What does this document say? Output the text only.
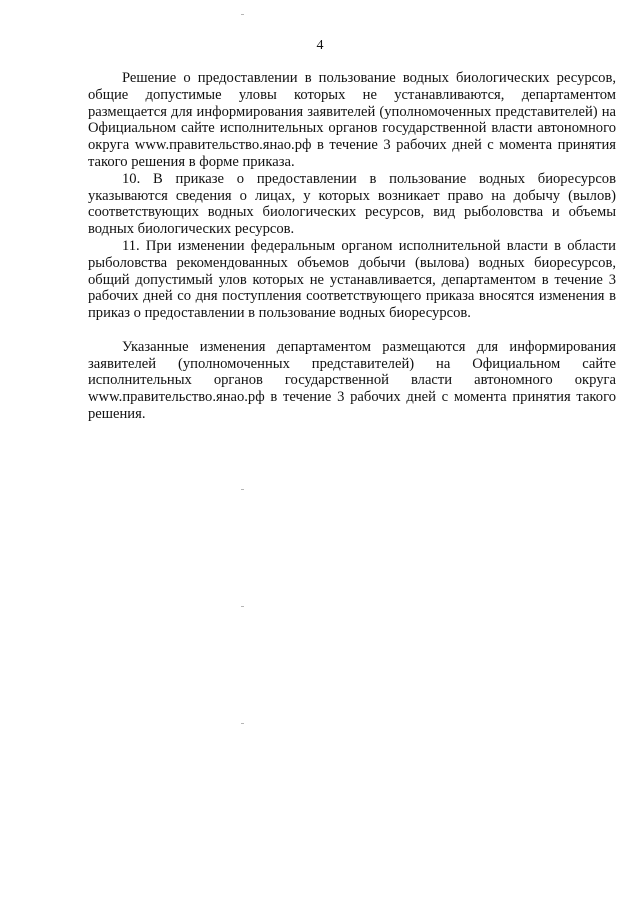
4

Решение о предоставлении в пользование водных биологических ресурсов, общие допустимые уловы которых не устанавливаются, департаментом размещается для информирования заявителей (уполномоченных представителей) на Официальном сайте исполнительных органов государственной власти автономного округа www.правительство.янао.рф в течение 3 рабочих дней с момента принятия такого решения в форме приказа.

10. В приказе о предоставлении в пользование водных биоресурсов указываются сведения о лицах, у которых возникает право на добычу (вылов) соответствующих водных биологических ресурсов, вид рыболовства и объемы водных биологических ресурсов.

11. При изменении федеральным органом исполнительной власти в области рыболовства рекомендованных объемов добычи (вылова) водных биоресурсов, общий допустимый улов которых не устанавливается, департаментом в течение 3 рабочих дней со дня поступления соответствующего приказа вносятся изменения в приказ о предоставлении в пользование водных биоресурсов.

Указанные изменения департаментом размещаются для информирования заявителей (уполномоченных представителей) на Официальном сайте исполнительных органов государственной власти автономного округа www.правительство.янао.рф в течение 3 рабочих дней с момента принятия такого решения.
